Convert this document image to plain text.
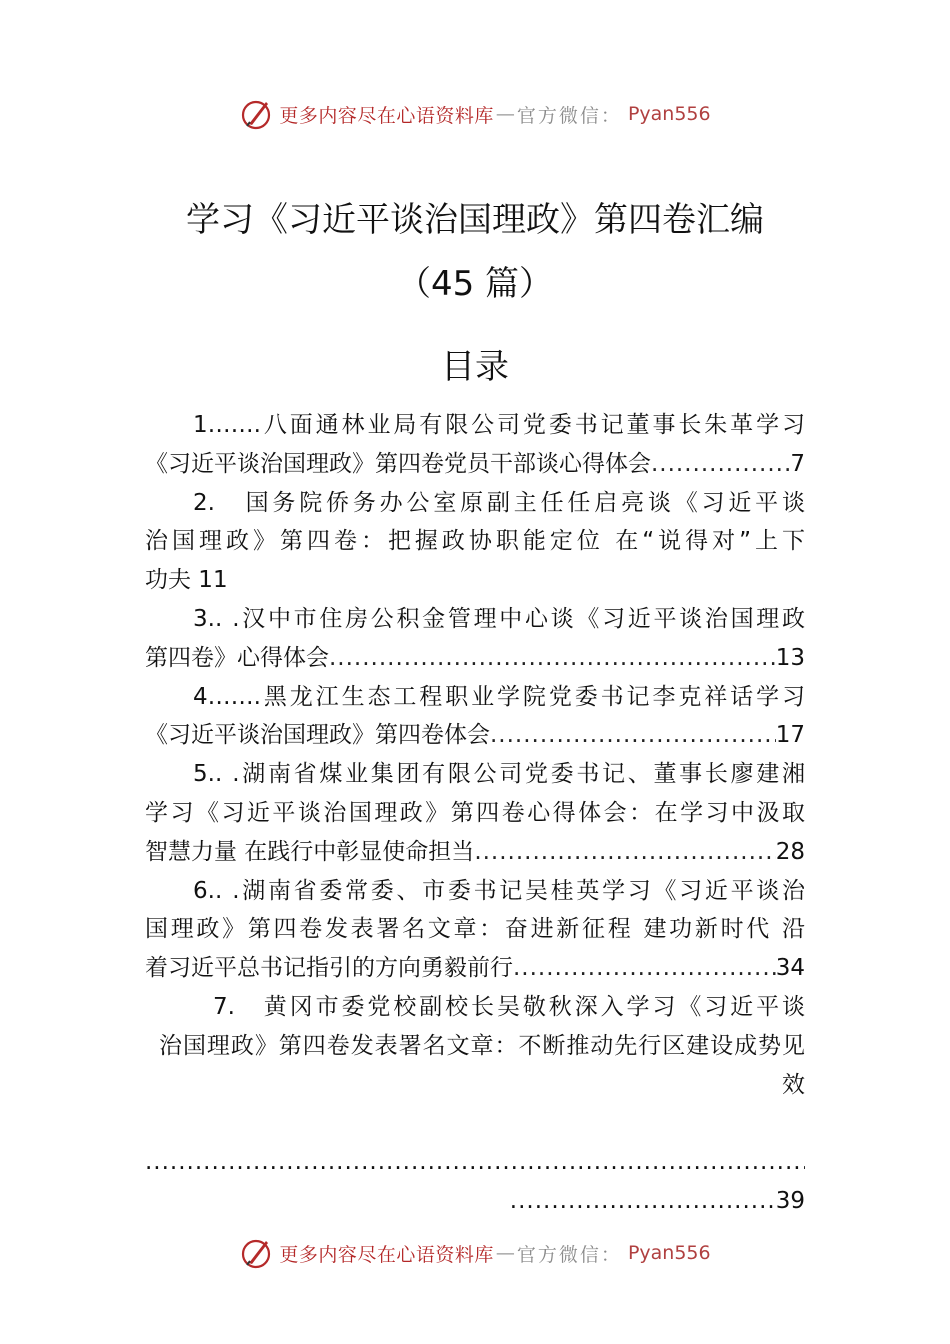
更多内容尽在心语资料库 — 官方微信： Pyan556
学习《习近平谈治国理政》第四卷汇编
（45 篇）
目录
1…….八面通林业局有限公司党委书记董事长朱革学习
《习近平谈治国理政》第四卷党员干部谈心得体会 .....	7
2.　国务院侨务办公室原副主任任启亮谈《习近平谈
治国理政》第四卷：把握政协职能定位 在“说得对”上下
功夫 11
3.. .汉中市住房公积金管理中心谈《习近平谈治国理政
第四卷》心得体会 .....	13
4…….黑龙江生态工程职业学院党委书记李克祥话学习
《习近平谈治国理政》第四卷体会 .....	17
5.. .湖南省煤业集团有限公司党委书记、董事长廖建湘
学习《习近平谈治国理政》第四卷心得体会：在学习中汲取
智慧力量 在践行中彰显使命担当 .....	28
6.. .湖南省委常委、市委书记吴桂英学习《习近平谈治
国理政》第四卷发表署名文章：奋进新征程 建功新时代 沿
着习近平总书记指引的方向勇毅前行 .....	34
7.　黄冈市委党校副校长吴敬秋深入学习《习近平谈
治国理政》第四卷发表署名文章：不断推动先行区建设成势见
效
.....
................................39
更多内容尽在心语资料库 — 官方微信： Pyan556
